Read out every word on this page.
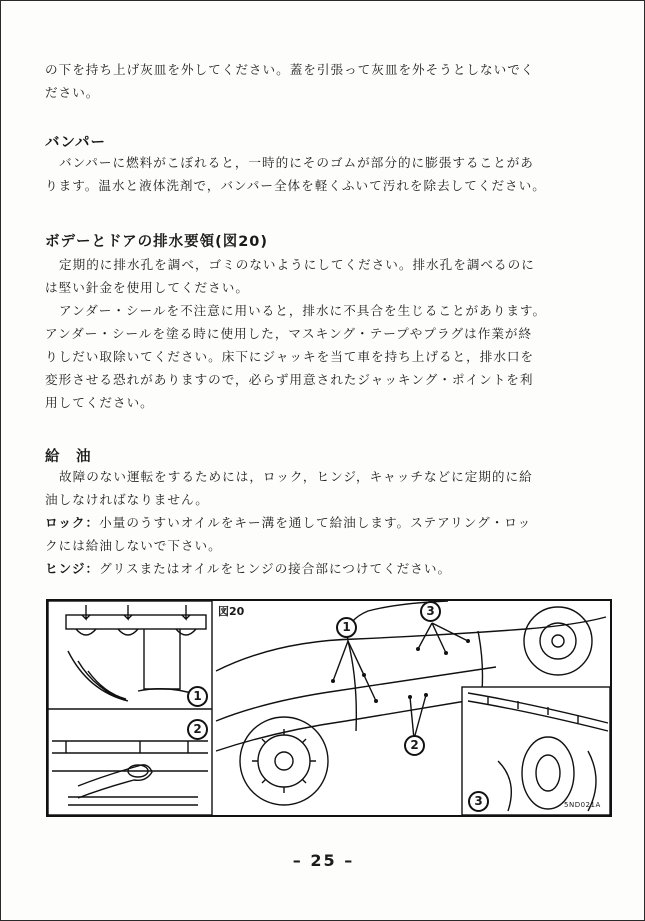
の下を持ち上げ灰皿を外してください。蓋を引張って灰皿を外そうとしないでく
ださい。
バンパー
バンパーに燃料がこぼれると，一時的にそのゴムが部分的に膨張することがあ
ります。温水と液体洗剤で，バンパー全体を軽くふいて汚れを除去してください。
ボデーとドアの排水要領(図20)
定期的に排水孔を調べ，ゴミのないようにしてください。排水孔を調べるのに
は堅い針金を使用してください。
アンダー・シールを不注意に用いると，排水に不具合を生じることがあります。
アンダー・シールを塗る時に使用した，マスキング・テープやプラグは作業が終
りしだい取除いてください。床下にジャッキを当て車を持ち上げると，排水口を
変形させる恐れがありますので，必らず用意されたジャッキング・ポイントを利
用してください。
給　油
故障のない運転をするためには，ロック，ヒンジ，キャッチなどに定期的に給
油しなければなりません。
ロック：小量のうすいオイルをキー溝を通して給油します。ステアリング・ロッ
クには給油しないで下さい。
ヒンジ：グリスまたはオイルをヒンジの接合部につけてください。
図20
1
2
1
3
2
3	5ND021A
– 25 –
